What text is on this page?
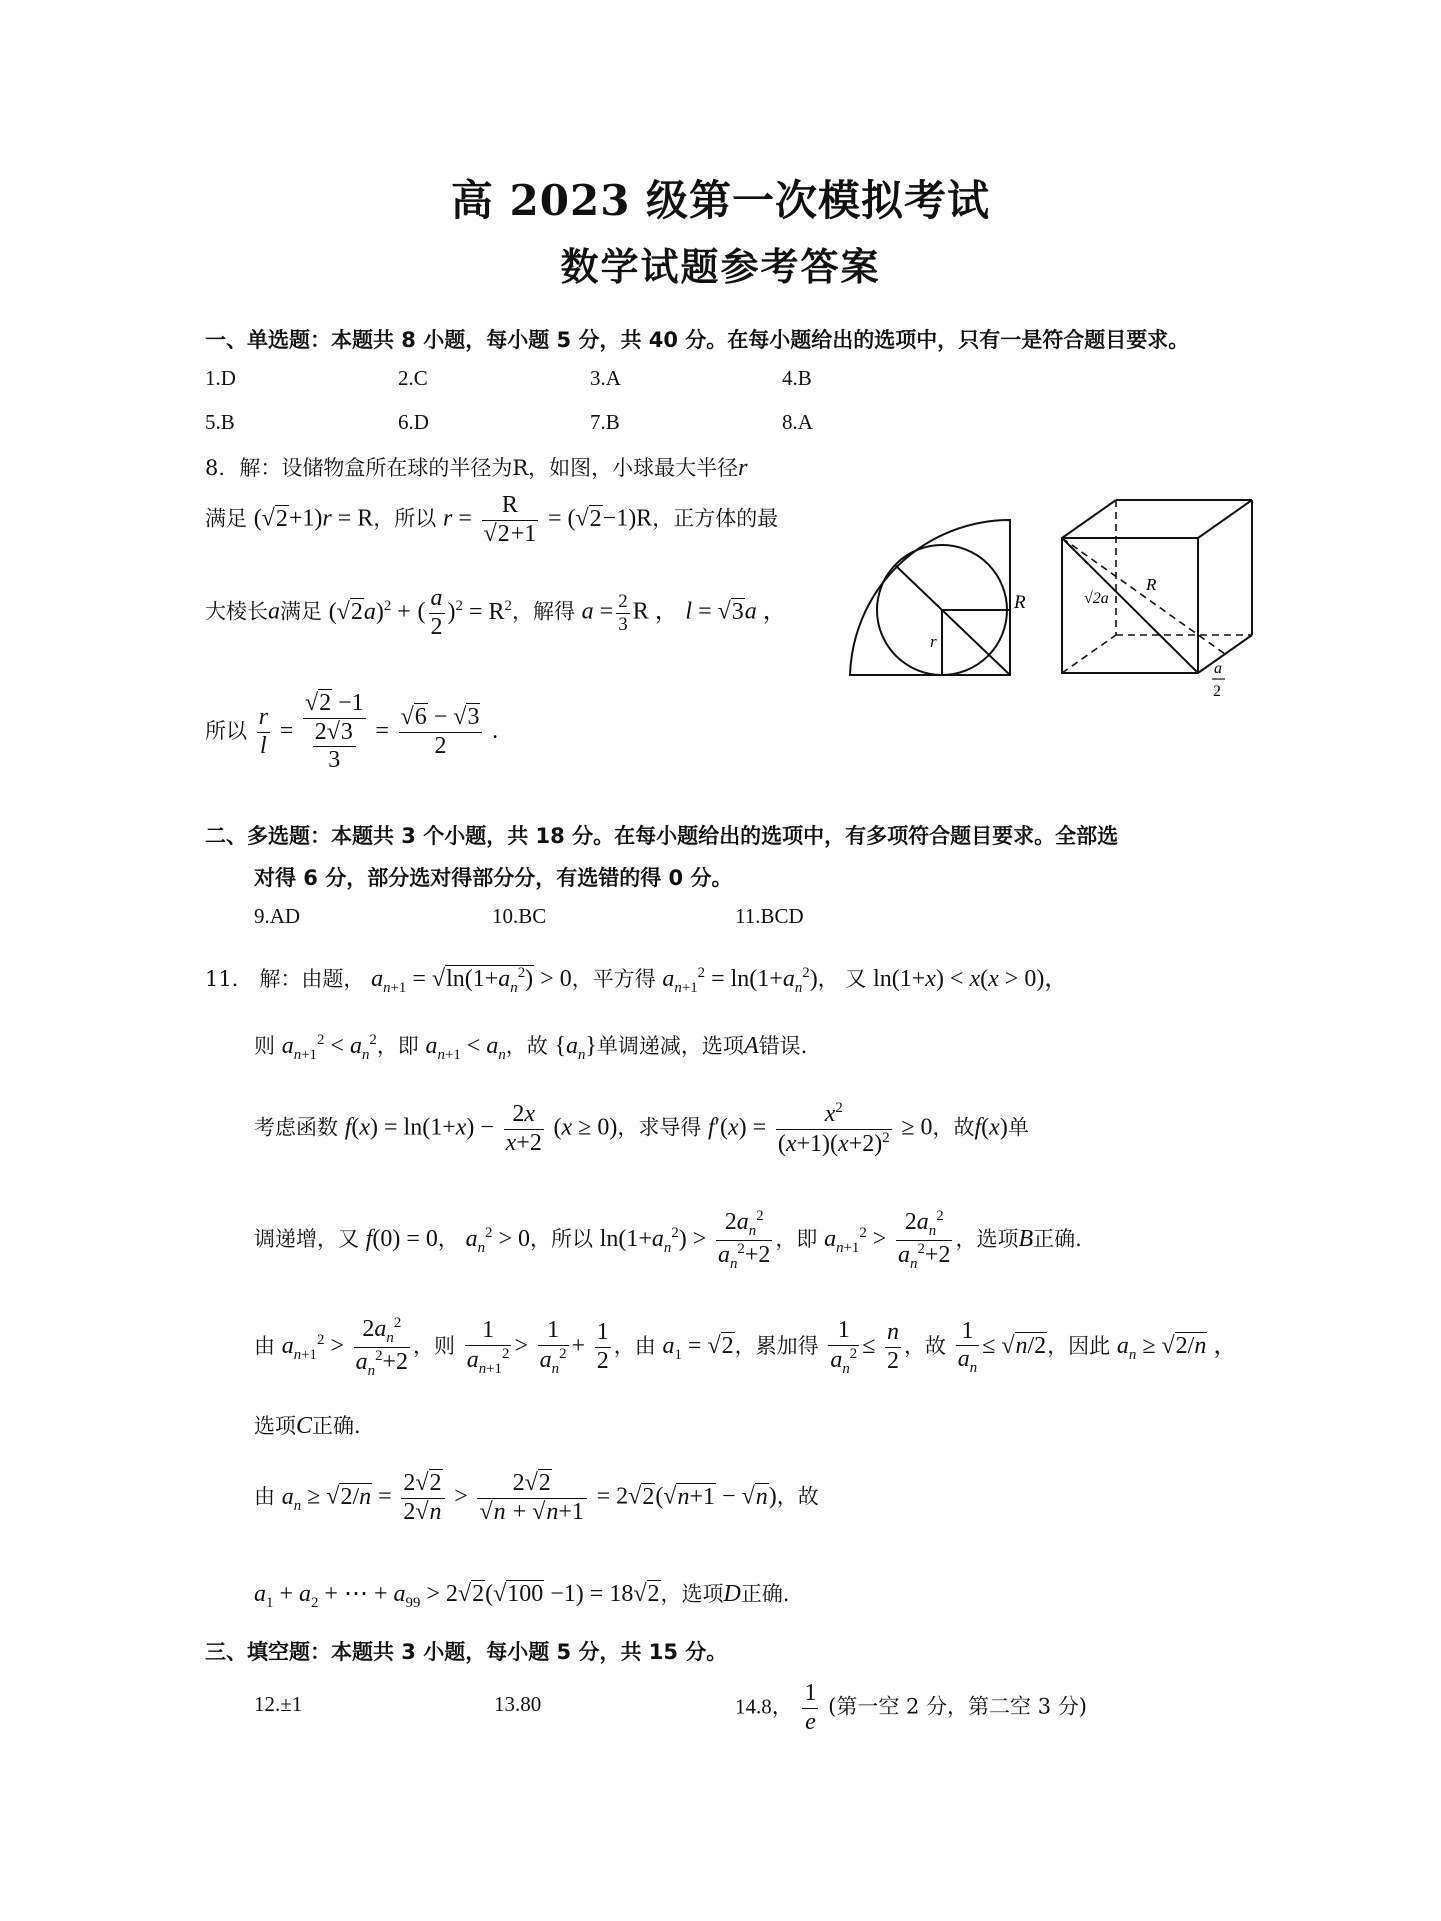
高 2023 级第一次模拟考试
数学试题参考答案
一、单选题：本题共 8 小题，每小题 5 分，共 40 分。在每小题给出的选项中，只有一是符合题目要求。
1.D	2.C	3.A	4.B
5.B	6.D	7.B	8.A
8．解：设储物盒所在球的半径为R，如图，小球最大半径r
满足 (√2+1)r = R，所以 $r = \frac{R}{√2+1} = (√2-1)R$，正方体的最
大棱长a满足 $(√2a)^2$ + ( $\frac{a}{2} )^2 = R^2$，解得 $a = \frac{2}{3}$ R ， l = √3a ，
所以 $\frac{r}{l} = \frac{√2 -1}{\frac{2√3}{3}} = \frac{√6 - √3}{2}$ .
R
r
R
√2a
a
2
二、多选题：本题共 3 个小题，共 18 分。在每小题给出的选项中，有多项符合题目要求。全部选
对得 6 分，部分选对得部分分，有选错的得 0 分。
9.AD	10.BC	11.BCD
11． 解：由题， $a_{n+1} = √\ln(1+a_n^2) > 0$，平方得 $a_{n+1}^2 = \ln(1+a_n^2)$， 又 ln(1+x) < x(x > 0)，
则 $a_{n+1}^2 < a_n^2$，即 $a_{n+1} < a_n$，故 $\{a_n\}$单调递减，选项A错误.
考虑函数 $f(x) = \ln(1+x) - \frac{2x}{x+2} (x \ge 0)$，求导得 $f'(x) = \frac{x^2}{(x+1)(x+2)^2} \ge 0$，故f(x)单
调递增，又 f(0) = 0， $a_n^2 > 0$，所以 $\ln(1+a_n^2) > \frac{2a_n^2}{a_n^2+2}$ ，即 $a_{n+1}^2 > \frac{2a_n^2}{a_n^2+2}$ ，选项B正确.
由 $a_{n+1}^2 > \frac{2a_n^2}{a_n^2+2}$ ，则 $\frac{1}{a_{n+1}^2} > \frac{1}{a_n^2} + \frac{1}{2}$ ，由 $a_1 = √2$，累加得 $\frac{1}{a_n^2} \le \frac{n}{2}$ ，故 $\frac{1}{a_n} \le √n/2$，因此 $a_n \ge √2/n$ ，
选项C正确.
由 $a_n \ge √2/n = \frac{2√2}{2√n} > \frac{2√2}{√n + √n+1} = 2√2(√n+1 - √n)$，故
$a_1 + a_2$ + ⋯ + $a_{99} > 2√2(√100 -1) = 18√2$，选项D正确.
三、填空题：本题共 3 小题，每小题 5 分，共 15 分。
12.±1	13.80	14.8， $\frac{1}{e}$ (第一空 2 分，第二空 3 分)
